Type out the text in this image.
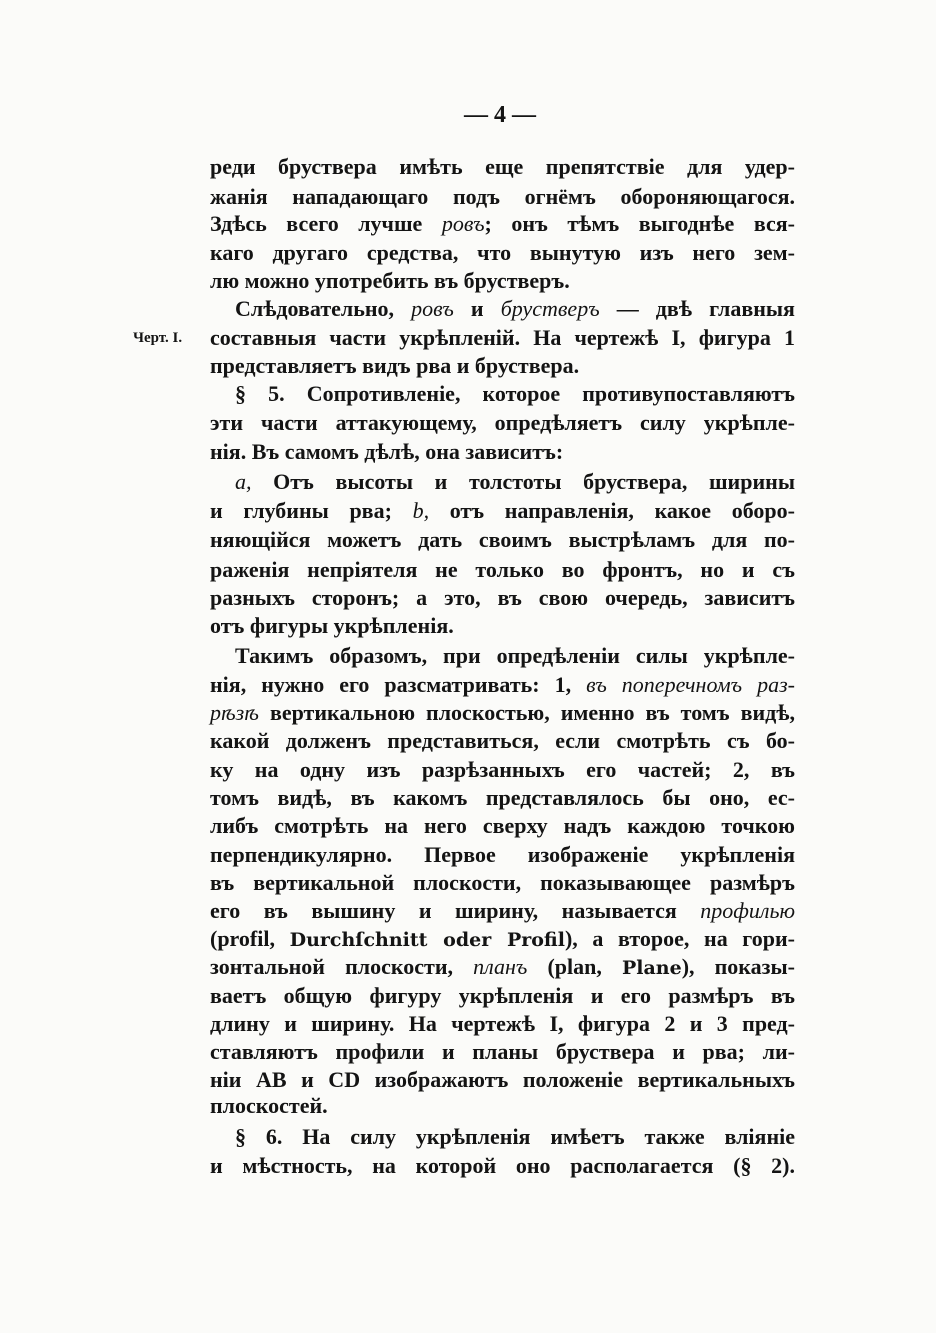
— 4 —
Черт. I.
реди бруствера имѣть еще препятствіе для удер-
жанія нападающаго подъ огнёмъ обороняющагося.
Здѣсь всего лучше ровъ; онъ тѣмъ выгоднѣе вся-
каго другаго средства, что вынутую изъ него зем-
лю можно употребить въ брустверъ.
Слѣдовательно, ровъ и брустверъ — двѣ главныя
составныя части укрѣпленій. На чертежѣ I, фигура 1
представляетъ видъ рва и бруствера.
§ 5. Сопротивленіе, которое противупоставляютъ
эти части аттакующему, опредѣляетъ силу укрѣпле-
нія. Въ самомъ дѣлѣ, она зависитъ:
a, Отъ высоты и толстоты бруствера, ширины
и глубины рва; b, отъ направленія, какое оборо-
няющійся можетъ дать своимъ выстрѣламъ для по-
раженія непріятеля не только во фронтъ, но и съ
разныхъ сторонъ; а это, въ свою очередь, зависитъ
отъ фигуры укрѣпленія.
Такимъ образомъ, при опредѣленіи силы укрѣпле-
нія, нужно его разсматривать: 1, въ поперечномъ раз-
рѣзѣ вертикальною плоскостью, именно въ томъ видѣ,
какой долженъ представиться, если смотрѣть съ бо-
ку на одну изъ разрѣзанныхъ его частей; 2, въ
томъ видѣ, въ какомъ представлялось бы оно, ес-
либъ смотрѣть на него сверху надъ каждою точкою
перпендикулярно. Первое изображеніе укрѣпленія
въ вертикальной плоскости, показывающее размѣръ
его въ вышину и ширину, называется профилью
(profil, Durchſchnitt oder Profil), а второе, на гори-
зонтальной плоскости, планъ (plan, Plane), показы-
ваетъ общую фигуру укрѣпленія и его размѣръ въ
длину и ширину. На чертежѣ I, фигура 2 и 3 пред-
ставляютъ профили и планы бруствера и рва; ли-
ніи AB и CD изображаютъ положеніе вертикальныхъ
плоскостей.
§ 6. На силу укрѣпленія имѣетъ также вліяніе
и мѣстность, на которой оно располагается (§ 2).
